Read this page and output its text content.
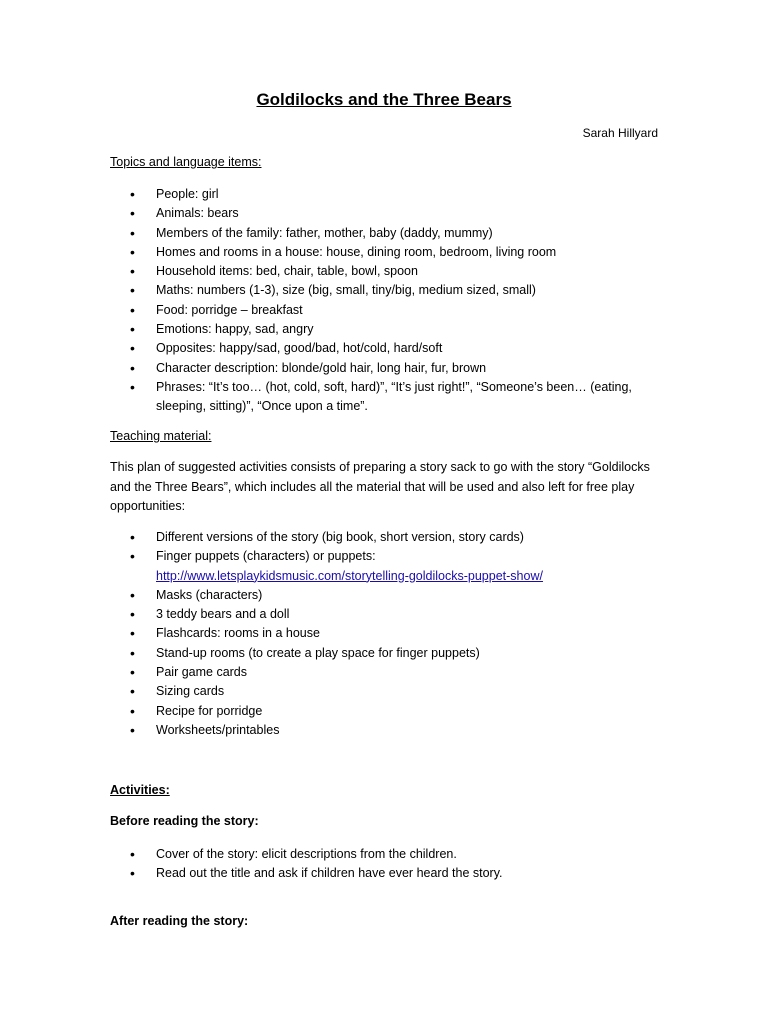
Goldilocks and the Three Bears
Sarah Hillyard
Topics and language items:
• People: girl
• Animals: bears
• Members of the family: father, mother, baby (daddy, mummy)
• Homes and rooms in a house: house, dining room, bedroom, living room
• Household items: bed, chair, table, bowl, spoon
• Maths: numbers (1-3), size (big, small, tiny/big, medium sized, small)
• Food: porridge – breakfast
• Emotions: happy, sad, angry
• Opposites: happy/sad, good/bad, hot/cold, hard/soft
• Character description: blonde/gold hair, long hair, fur, brown
• Phrases: “It’s too… (hot, cold, soft, hard)”, “It’s just right!”, “Someone’s been… (eating, sleeping, sitting)”, “Once upon a time”.
Teaching material:
This plan of suggested activities consists of preparing a story sack to go with the story “Goldilocks and the Three Bears”, which includes all the material that will be used and also left for free play opportunities:
• Different versions of the story (big book, short version, story cards)
• Finger puppets (characters) or puppets:
http://www.letsplaykidsmusic.com/storytelling-goldilocks-puppet-show/
• Masks (characters)
• 3 teddy bears and a doll
• Flashcards: rooms in a house
• Stand-up rooms (to create a play space for finger puppets)
• Pair game cards
• Sizing cards
• Recipe for porridge
• Worksheets/printables
Activities:
Before reading the story:
• Cover of the story: elicit descriptions from the children.
• Read out the title and ask if children have ever heard the story.
After reading the story:
